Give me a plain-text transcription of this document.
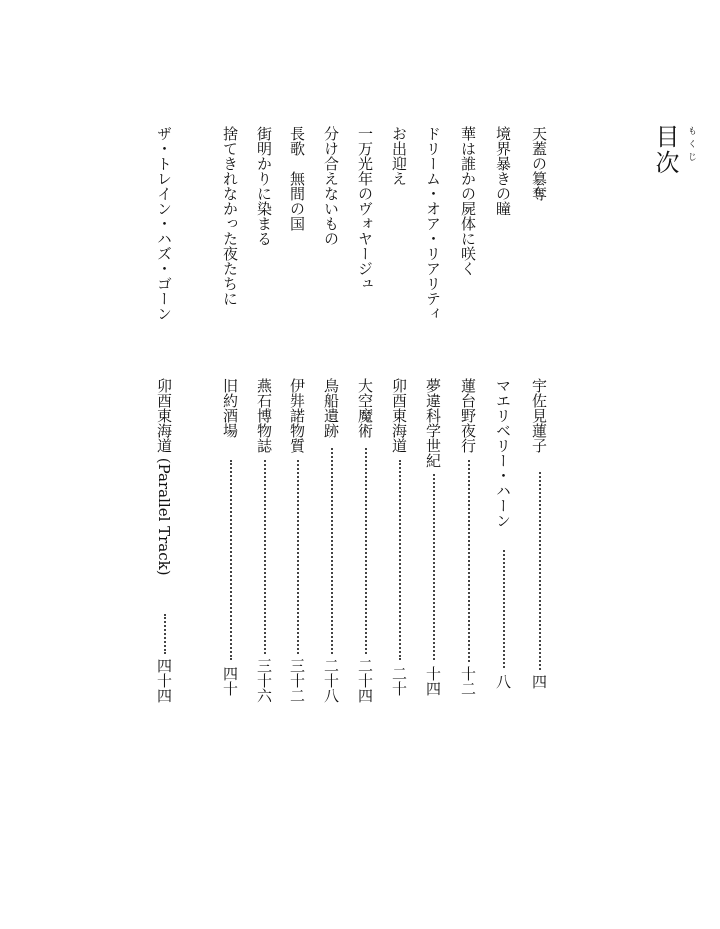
目次 もくじ
天蓋の簒奪
宇佐見蓮子
四
境界暴きの瞳
マエリベリー・ハーン
八
華は誰かの屍体に咲く
蓮台野夜行
十二
ドリーム・オア・リアリティ
夢違科学世紀
十四
お出迎え
卯酉東海道
二十
一万光年のヴォヤージュ
大空魔術
二十四
分け合えないもの
鳥船遺跡
二十八
長歌　無間の国
伊弉諾物質
三十二
街明かりに染まる
燕石博物誌
三十六
捨てきれなかった夜たちに
旧約酒場
四十
ザ・トレイン・ハズ・ゴーン
卯酉東海道 (Parallel Track)
四十四
